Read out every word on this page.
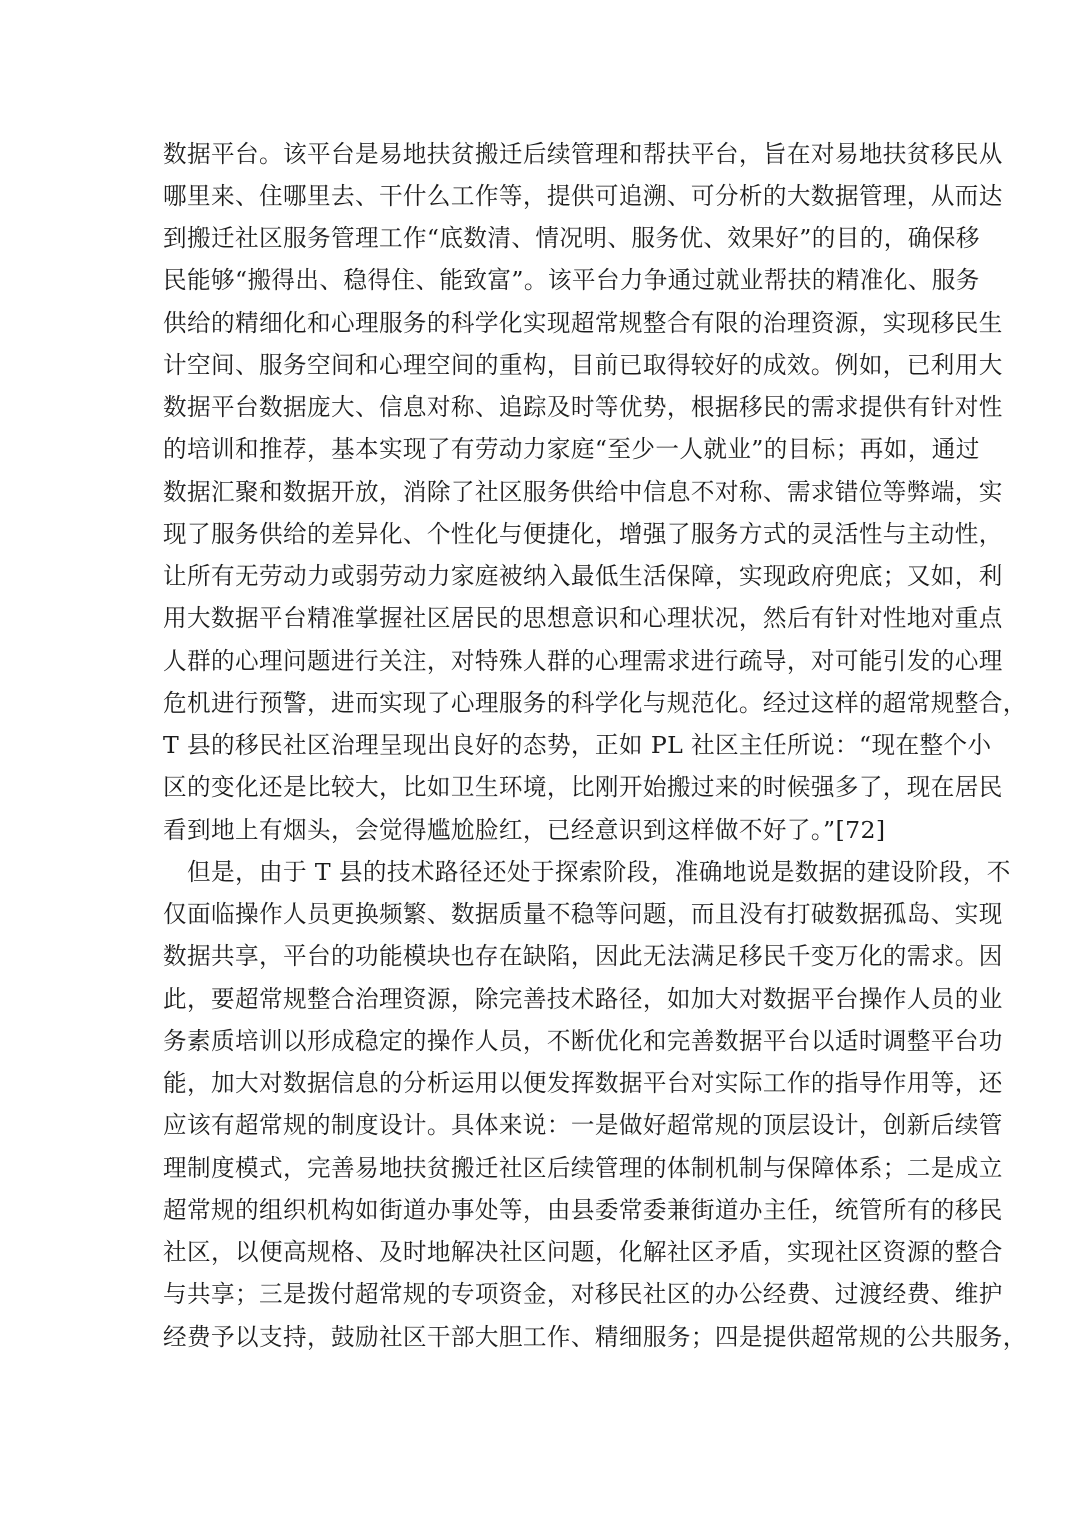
数据平台。该平台是易地扶贫搬迁后续管理和帮扶平台，旨在对易地扶贫移民从
哪里来、住哪里去、干什么工作等，提供可追溯、可分析的大数据管理，从而达
到搬迁社区服务管理工作“底数清、情况明、服务优、效果好”的目的，确保移
民能够“搬得出、稳得住、能致富”。该平台力争通过就业帮扶的精准化、服务
供给的精细化和心理服务的科学化实现超常规整合有限的治理资源，实现移民生
计空间、服务空间和心理空间的重构，目前已取得较好的成效。例如，已利用大
数据平台数据庞大、信息对称、追踪及时等优势，根据移民的需求提供有针对性
的培训和推荐，基本实现了有劳动力家庭“至少一人就业”的目标；再如，通过
数据汇聚和数据开放，消除了社区服务供给中信息不对称、需求错位等弊端，实
现了服务供给的差异化、个性化与便捷化，增强了服务方式的灵活性与主动性，
让所有无劳动力或弱劳动力家庭被纳入最低生活保障，实现政府兜底；又如，利
用大数据平台精准掌握社区居民的思想意识和心理状况，然后有针对性地对重点
人群的心理问题进行关注，对特殊人群的心理需求进行疏导，对可能引发的心理
危机进行预警，进而实现了心理服务的科学化与规范化。经过这样的超常规整合，
T 县的移民社区治理呈现出良好的态势，正如 PL 社区主任所说：“现在整个小
区的变化还是比较大，比如卫生环境，比刚开始搬过来的时候强多了，现在居民
看到地上有烟头，会觉得尴尬脸红，已经意识到这样做不好了。”[72]
但是，由于 T 县的技术路径还处于探索阶段，准确地说是数据的建设阶段，不
仅面临操作人员更换频繁、数据质量不稳等问题，而且没有打破数据孤岛、实现
数据共享，平台的功能模块也存在缺陷，因此无法满足移民千变万化的需求。因
此，要超常规整合治理资源，除完善技术路径，如加大对数据平台操作人员的业
务素质培训以形成稳定的操作人员，不断优化和完善数据平台以适时调整平台功
能，加大对数据信息的分析运用以便发挥数据平台对实际工作的指导作用等，还
应该有超常规的制度设计。具体来说：一是做好超常规的顶层设计，创新后续管
理制度模式，完善易地扶贫搬迁社区后续管理的体制机制与保障体系；二是成立
超常规的组织机构如街道办事处等，由县委常委兼街道办主任，统管所有的移民
社区，以便高规格、及时地解决社区问题，化解社区矛盾，实现社区资源的整合
与共享；三是拨付超常规的专项资金，对移民社区的办公经费、过渡经费、维护
经费予以支持，鼓励社区干部大胆工作、精细服务；四是提供超常规的公共服务，
